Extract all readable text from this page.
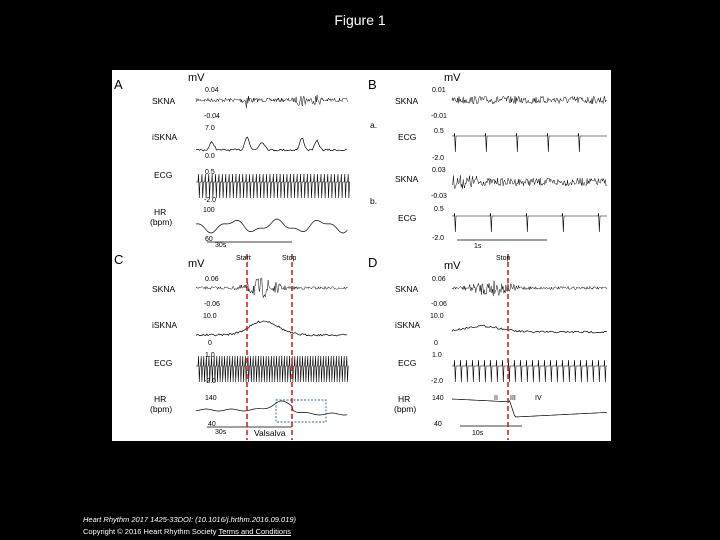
Figure 1
A	mV
SKNA
0.04
-0.04
iSKNA
7.0
0.0
ECG	0.5
-2.0
HR
(bpm)
100
60
30s
B	mV
SKNA
0.01
-0.01
a.
ECG
0.5
-2.0
SKNA
0.03
-0.03
b.
ECG
0.5
-2.0
1s
C	mV	Start	Stop
SKNA
0.06
-0.06
iSKNA
10.0
0
ECG
1.0
-2.0
HR
(bpm)
140
40
30s	Valsalva
D	mV
Stop
SKNA
0.06
-0.06
iSKNA
10.0
0
ECG
1.0
-2.0
HR
(bpm)
140
40
II III	IV
10s
Heart Rhythm 2017 1425-33DOI: (10.1016/j.hrthm.2016.09.019)
Copyright © 2016 Heart Rhythm Society Terms and Conditions
